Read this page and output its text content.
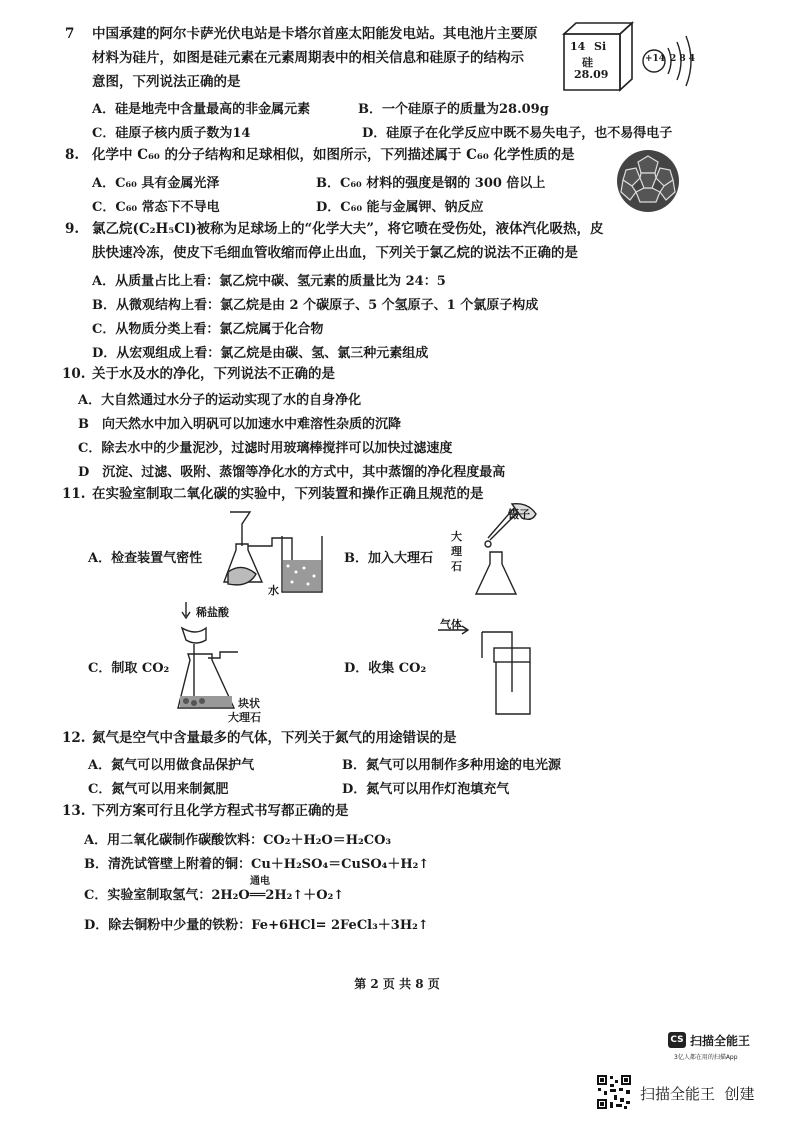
7 中国承建的阿尔卡萨光伏电站是卡塔尔首座太阳能发电站。其电池片主要原
材料为硅片，如图是硅元素在元素周期表中的相关信息和硅原子的结构示
意图，下列说法正确的是
A．硅是地壳中含量最高的非金属元素	B．一个硅原子的质量为28.09g
C．硅原子核内质子数为14	D．硅原子在化学反应中既不易失电子，也不易得电子
14 Si
硅
28.09
+14 2 8 4
8. 化学中 C₆₀ 的分子结构和足球相似，如图所示，下列描述属于 C₆₀ 化学性质的是
A．C₆₀ 具有金属光泽	B．C₆₀ 材料的强度是钢的 300 倍以上
C．C₆₀ 常态下不导电	D．C₆₀ 能与金属钾、钠反应
9. 氯乙烷(C₂H₅Cl)被称为足球场上的“化学大夫”，将它喷在受伤处，液体汽化吸热，皮
肤快速冷冻，使皮下毛细血管收缩而停止出血，下列关于氯乙烷的说法不正确的是
A．从质量占比上看：氯乙烷中碳、氢元素的质量比为 24：5
B．从微观结构上看：氯乙烷是由 2 个碳原子、5 个氢原子、1 个氯原子构成
C．从物质分类上看：氯乙烷属于化合物
D．从宏观组成上看：氯乙烷是由碳、氢、氯三种元素组成
10. 关于水及水的净化，下列说法不正确的是
A．大自然通过水分子的运动实现了水的自身净化
B　向天然水中加入明矾可以加速水中难溶性杂质的沉降
C．除去水中的少量泥沙，过滤时用玻璃棒搅拌可以加快过滤速度
D　沉淀、过滤、吸附、蒸馏等净化水的方式中，其中蒸馏的净化程度最高
11. 在实验室制取二氧化碳的实验中，下列装置和操作正确且规范的是
A．检查装置气密性	B．加入大理石
C．制取 CO₂	D．收集 CO₂
水
镊子
大
理
石
稀盐酸
块状
大理石
气体
12. 氮气是空气中含量最多的气体，下列关于氮气的用途错误的是
A．氮气可以用做食品保护气	B．氮气可以用制作多种用途的电光源
C．氮气可以用来制氮肥	D．氮气可以用作灯泡填充气
13. 下列方案可行且化学方程式书写都正确的是
A．用二氧化碳制作碳酸饮料：CO₂＋H₂O＝H₂CO₃
B．清洗试管壁上附着的铜：Cu＋H₂SO₄＝CuSO₄＋H₂↑
通电
C．实验室制取氢气：2H₂O══2H₂↑＋O₂↑
D．除去铜粉中少量的铁粉：Fe+6HCl= 2FeCl₃＋3H₂↑
第 2 页 共 8 页
CS 扫描全能王
3亿人都在用的扫描App
扫描全能王  创建
